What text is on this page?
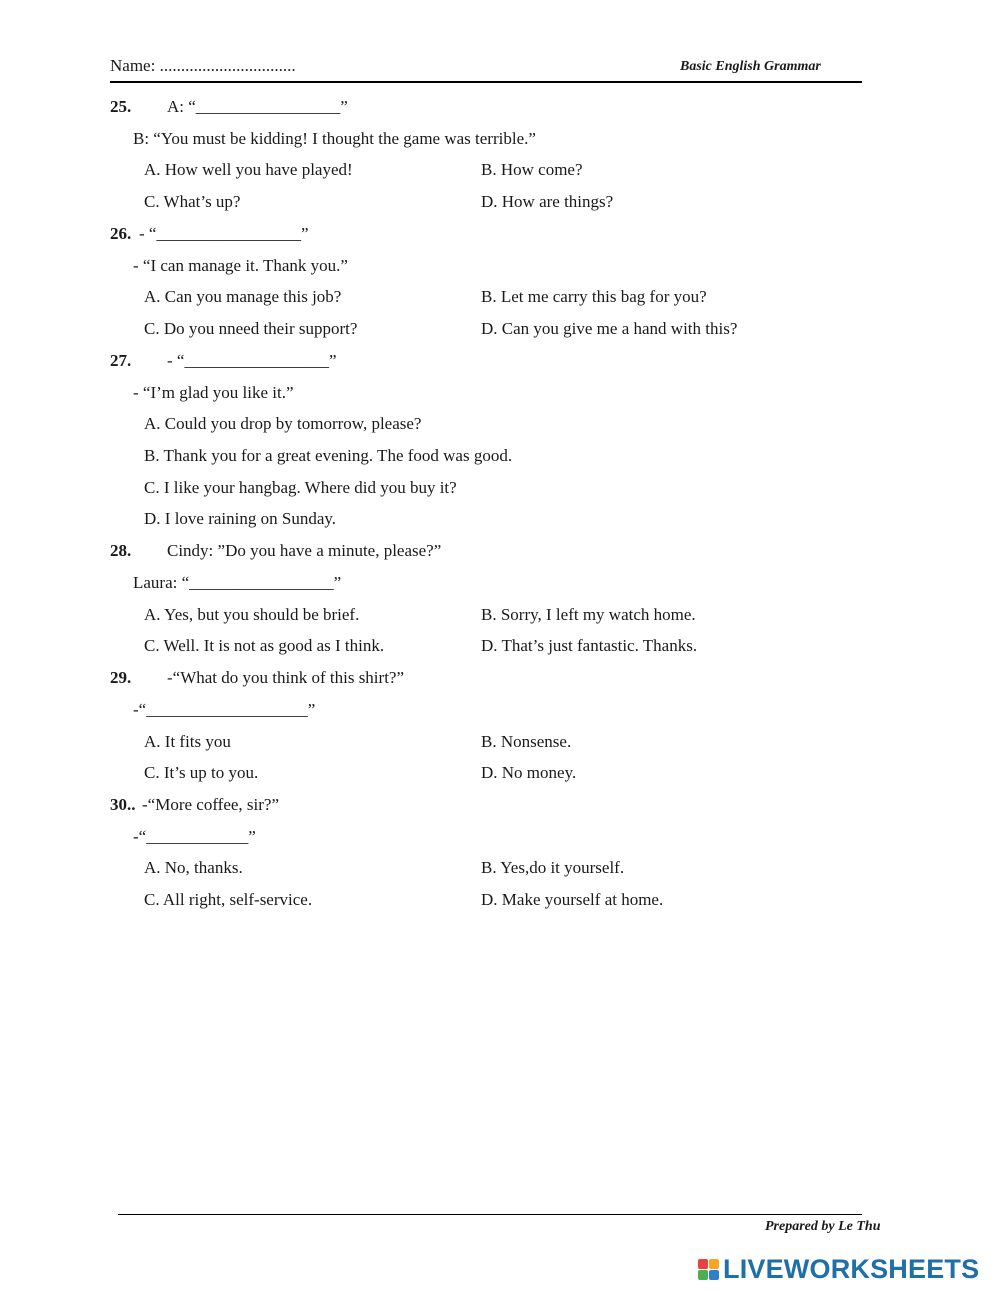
Name: ................................	Basic English Grammar
25. A: “_________________”
B: “You must be kidding! I thought the game was terrible.”
A. How well you have played!	B. How come?
C. What’s up?	D. How are things?
26. - “_________________”
- “I can manage it. Thank you.”
A. Can you manage this job?	B. Let me carry this bag for you?
C. Do you nneed their support?	D. Can you give me a hand with this?
27. - “_________________”
- “I’m glad you like it.”
A. Could you drop by tomorrow, please?
B. Thank you for a great evening. The food was good.
C. I like your hangbag. Where did you buy it?
D. I love raining on Sunday.
28. Cindy: ”Do you have a minute, please?”
Laura: “_________________”
A. Yes, but you should be brief.	B. Sorry, I left my watch home.
C. Well. It is not as good as I think.	D. That’s just fantastic. Thanks.
29. -“What do you think of this shirt?”
-“___________________”
A. It fits you	B. Nonsense.
C. It’s up to you.	D. No money.
30.. -“More coffee, sir?”
-“____________”
A. No, thanks.	B. Yes,do it yourself.
C. All right, self-service.	D. Make yourself at home.
Prepared by Le Thu
LIVEWORKSHEETS
